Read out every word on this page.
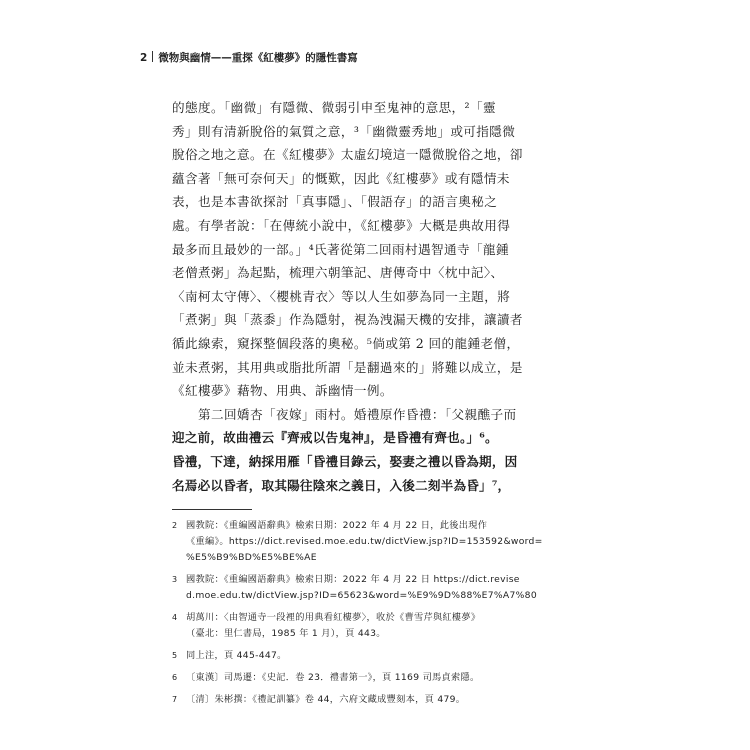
2 微物與幽情——重探《紅樓夢》的隱性書寫
的態度。「幽微」有隱微、微弱引申至鬼神的意思，²「靈
秀」則有清新脫俗的氣質之意，³「幽微靈秀地」或可指隱微
脫俗之地之意。在《紅樓夢》太虛幻境這一隱微脫俗之地，卻
蘊含著「無可奈何天」的慨歎，因此《紅樓夢》或有隱情未
表，也是本書欲探討「真事隱」、「假語存」的語言奧秘之
處。有學者說：「在傳統小說中，《紅樓夢》大概是典故用得
最多而且最妙的一部。」⁴氏著從第二回雨村遇智通寺「龍鍾
老僧煮粥」為起點，梳理六朝筆記、唐傳奇中〈枕中記〉、
〈南柯太守傳〉、〈櫻桃青衣〉等以人生如夢為同一主題，將
「煮粥」與「蒸黍」作為隱射，視為洩漏天機的安排，讓讀者
循此線索，窺探整個段落的奧秘。⁵倘或第 2 回的龍鍾老僧，
並未煮粥，其用典或脂批所謂「是翻過來的」將難以成立，是
《紅樓夢》藉物、用典、訴幽情一例。
　　第二回嬌杏「夜嫁」雨村。婚禮原作昏禮：「父親醮子而
迎之前，故曲禮云『齊戒以告鬼神』，是昏禮有齊也。」⁶。
昏禮，下達，納採用雁「昏禮目錄云，娶妻之禮以昏為期，因
名焉必以昏者，取其陽往陰來之義日，入後二刻半為昏」⁷，
2 國教院：《重編國語辭典》檢索日期：2022 年 4 月 22 日，此後出現作
《重編》。https://dict.revised.moe.edu.tw/dictView.jsp?ID=153592&word=
%E5%B9%BD%E5%BE%AE
3 國教院：《重編國語辭典》檢索日期：2022 年 4 月 22 日 https://dict.revise
d.moe.edu.tw/dictView.jsp?ID=65623&word=%E9%9D%88%E7%A7%80
4 胡萬川：〈由智通寺一段裡的用典看紅樓夢〉，收於《曹雪芹與紅樓夢》
（臺北：里仁書局，1985 年 1 月），頁 443。
5 同上注，頁 445-447。
6 〔東漢〕司馬遷：《史記．卷 23．禮書第一》，頁 1169 司馬貞索隱。
7 〔清〕朱彬撰：《禮記訓纂》卷 44，六府文藏成豐刻本，頁 479。
